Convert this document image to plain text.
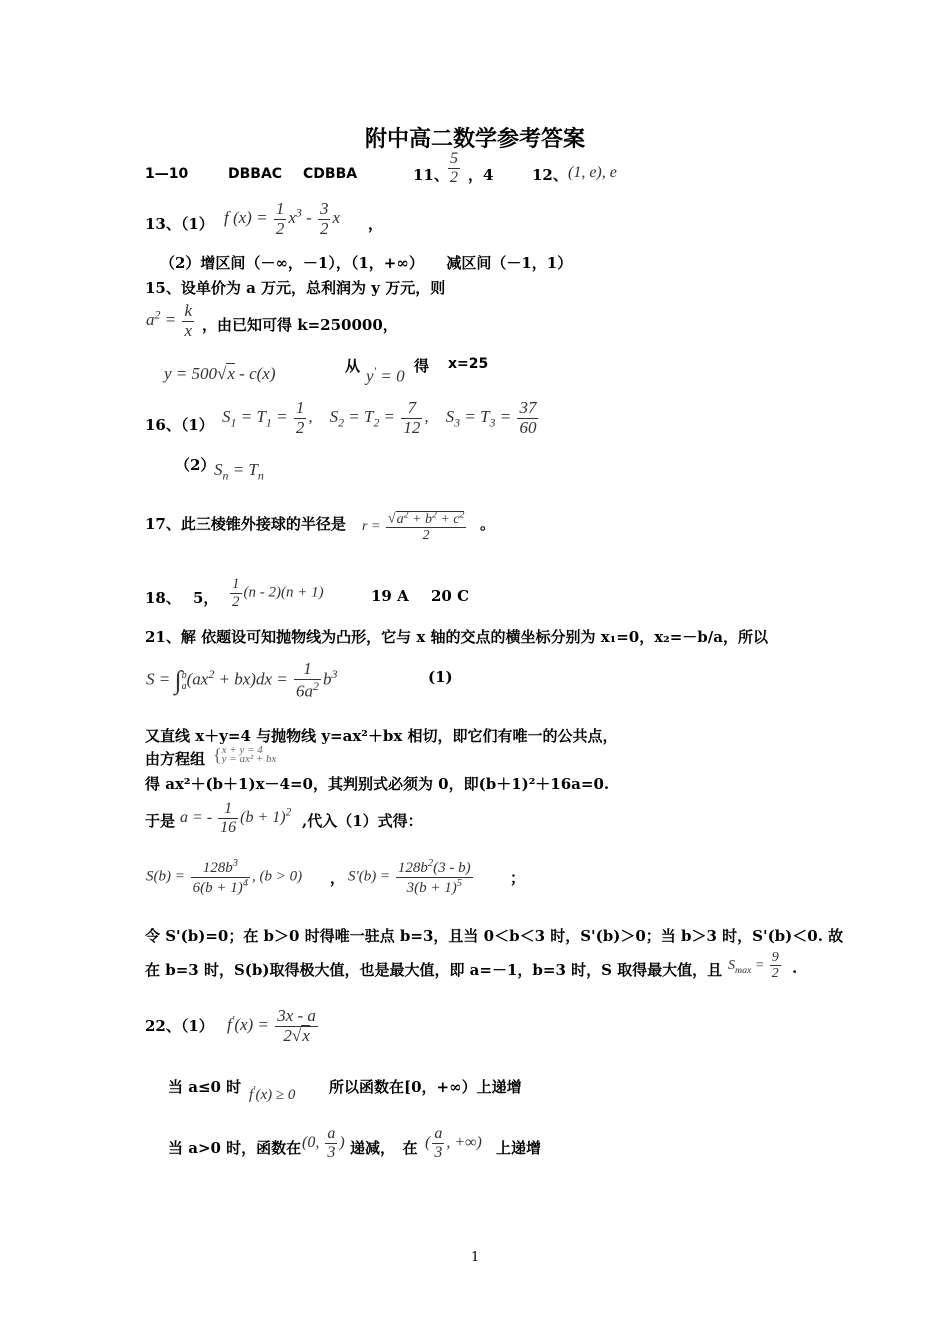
附中高二数学参考答案
1—10	DBBAC CDBBA	11、 $\frac{5}{2}$ ，4	12、 (1, e), e
13、（1） f $(x) = \frac{1}{2} x^3 - \frac{3}{2}$ x ，
（2）增区间（－∞，－1），（1，+∞）　　减区间（－1，1）
15、设单价为 a 万元，总利润为 y 万元，则
$a^2 = \frac{k}{x}$ ，由已知可得 k=250000，
y = 500√x - c(x)	从
y′ = 0
得 x=25
16、（1） $S_1 = T_1 = \frac{1}{2}$ ,    $S_2 = T_2 = \frac{7}{12}$ ,    $S_3 = T_3 = \frac{37}{60}$
（2）
$S_n = T_n$
17、此三棱锥外接球的半径是 $r = \frac{√a^2 + b^2 + c^2}{2}$ 。
18、 5， $\frac{1}{2} (n - 2)(n + 1)$	19 A 20 C
21、解 依题设可知抛物线为凸形，它与 x 轴的交点的横坐标分别为 x₁=0，x₂=－b/a，所以
S = ∫b
$a(ax^2 + bx)dx = \frac{1}{6a^2} b^3$	(1)
又直线 x＋y=4 与抛物线 y=ax²＋bx 相切，即它们有唯一的公共点，
由方程组 { x + y = 4
y = ax² + bx
得 ax²＋(b＋1)x－4=0，其判别式必须为 0，即(b＋1)²＋16a=0.
于是 a = - $\frac{1}{16} (b + 1)^2$ ,代入（1）式得：
$S(b) = \frac{128b^3}{6(b + 1)^4}$ , (b > 0) ， $S'(b) = \frac{128b^2(3 - b)}{3(b + 1)^5}$ ；
令 S'(b)=0；在 b＞0 时得唯一驻点 b=3，且当 0＜b＜3 时，S'(b)＞0；当 b＞3 时，S'(b)＜0. 故
在 b=3 时，S(b)取得极大值，也是最大值，即 a=－1，b=3 时，S 取得最大值，且 $S_{max} = \frac{9}{2}$ .
22、（1） $f'(x) = \frac{3x - a}{2√x}$
当 a≤0 时 f′(x) ≥ 0 所以函数在[0，+∞）上递增
当 a>0 时，函数在 (0, $\frac{a}{3}$ ) 递减，　在 ( $\frac{a}{3}$ , +∞) 上递增
1
